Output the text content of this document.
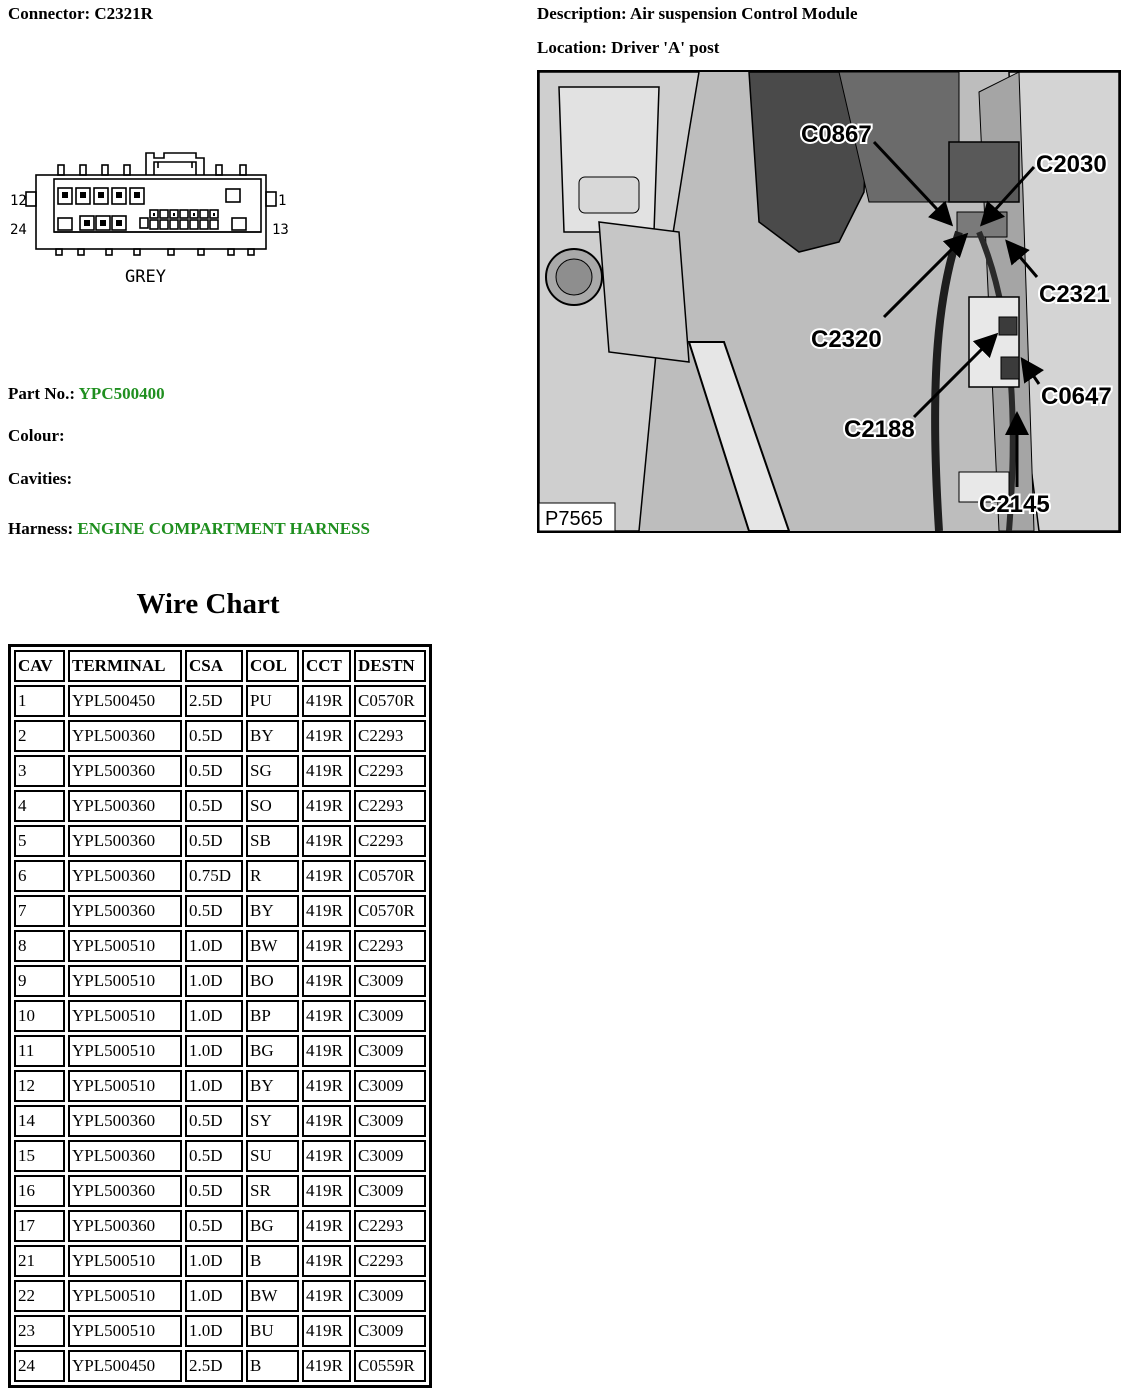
Connector: C2321R	Description: Air suspension Control Module
Location: Driver 'A' post
12	1
24	13
GREY
Part No.: YPC500400
Colour:
Cavities:
Harness: ENGINE COMPARTMENT HARNESS
C0867
C2030
C2321
C2320
C0647
C2188
C2145
P7565
Wire Chart
CAV	TERMINAL	CSA	COL	CCT	DESTN
1	YPL500450	2.5D	PU	419R	C0570R
2	YPL500360	0.5D	BY	419R	C2293
3	YPL500360	0.5D	SG	419R	C2293
4	YPL500360	0.5D	SO	419R	C2293
5	YPL500360	0.5D	SB	419R	C2293
6	YPL500360	0.75D	R	419R	C0570R
7	YPL500360	0.5D	BY	419R	C0570R
8	YPL500510	1.0D	BW	419R	C2293
9	YPL500510	1.0D	BO	419R	C3009
10	YPL500510	1.0D	BP	419R	C3009
11	YPL500510	1.0D	BG	419R	C3009
12	YPL500510	1.0D	BY	419R	C3009
14	YPL500360	0.5D	SY	419R	C3009
15	YPL500360	0.5D	SU	419R	C3009
16	YPL500360	0.5D	SR	419R	C3009
17	YPL500360	0.5D	BG	419R	C2293
21	YPL500510	1.0D	B	419R	C2293
22	YPL500510	1.0D	BW	419R	C3009
23	YPL500510	1.0D	BU	419R	C3009
24	YPL500450	2.5D	B	419R	C0559R
